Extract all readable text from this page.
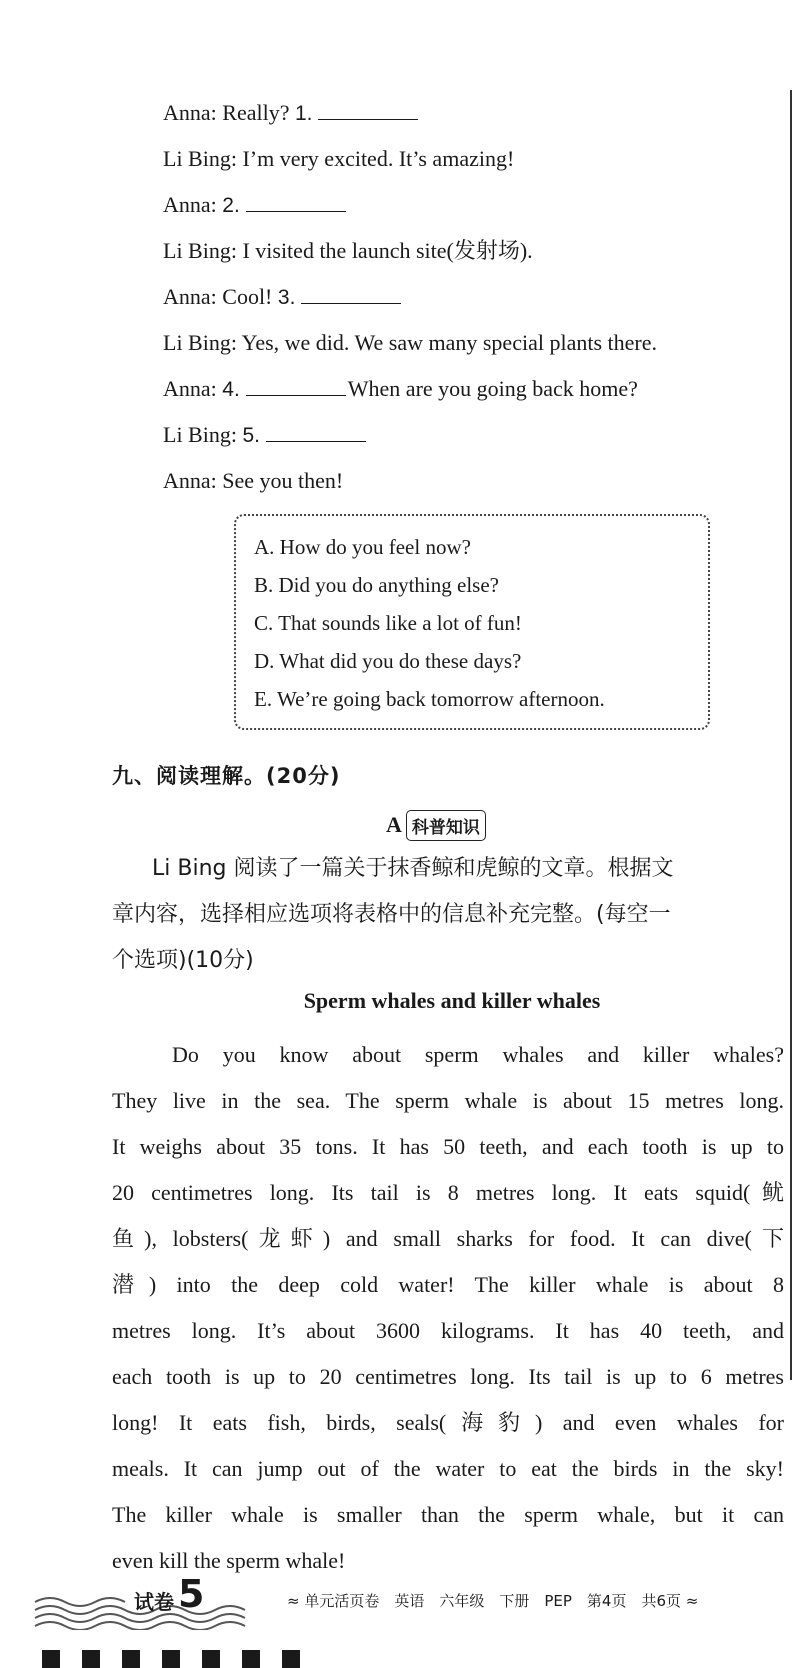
Anna: Really? 1.
Li Bing: I’m very excited. It’s amazing!
Anna: 2.
Li Bing: I visited the launch site(发射场).
Anna: Cool! 3.
Li Bing: Yes, we did. We saw many special plants there.
Anna: 4.	When are you going back home?
Li Bing: 5.
Anna: See you then!
A. How do you feel now?
B. Did you do anything else?
C. That sounds like a lot of fun!
D. What did you do these days?
E. We’re going back tomorrow afternoon.
九、阅读理解。(20分)
A 科普知识

Li Bing 阅读了一篇关于抹香鲸和虎鲸的文章。根据文

章内容，选择相应选项将表格中的信息补充完整。(每空一

个选项)(10分)

Sperm whales and killer whales

Do you know about sperm whales and killer whales?

They live in the sea. The sperm whale is about 15 metres long.

It weighs about 35 tons. It has 50 teeth, and each tooth is up to

20 centimetres long. Its tail is 8 metres long. It eats squid(鱿

鱼), lobsters(龙虾) and small sharks for food. It can dive(下

潜) into the deep cold water! The killer whale is about 8

metres long. It’s about 3600 kilograms. It has 40 teeth, and

each tooth is up to 20 centimetres long. Its tail is up to 6 metres

long! It eats fish, birds, seals(海豹) and even whales for

meals. It can jump out of the water to eat the birds in the sky!

The killer whale is smaller than the sperm whale, but it can

even kill the sperm whale!

试卷 5	≈ 单元活页卷　英语　六年级　下册　PEP　第4页　共6页 ≈
